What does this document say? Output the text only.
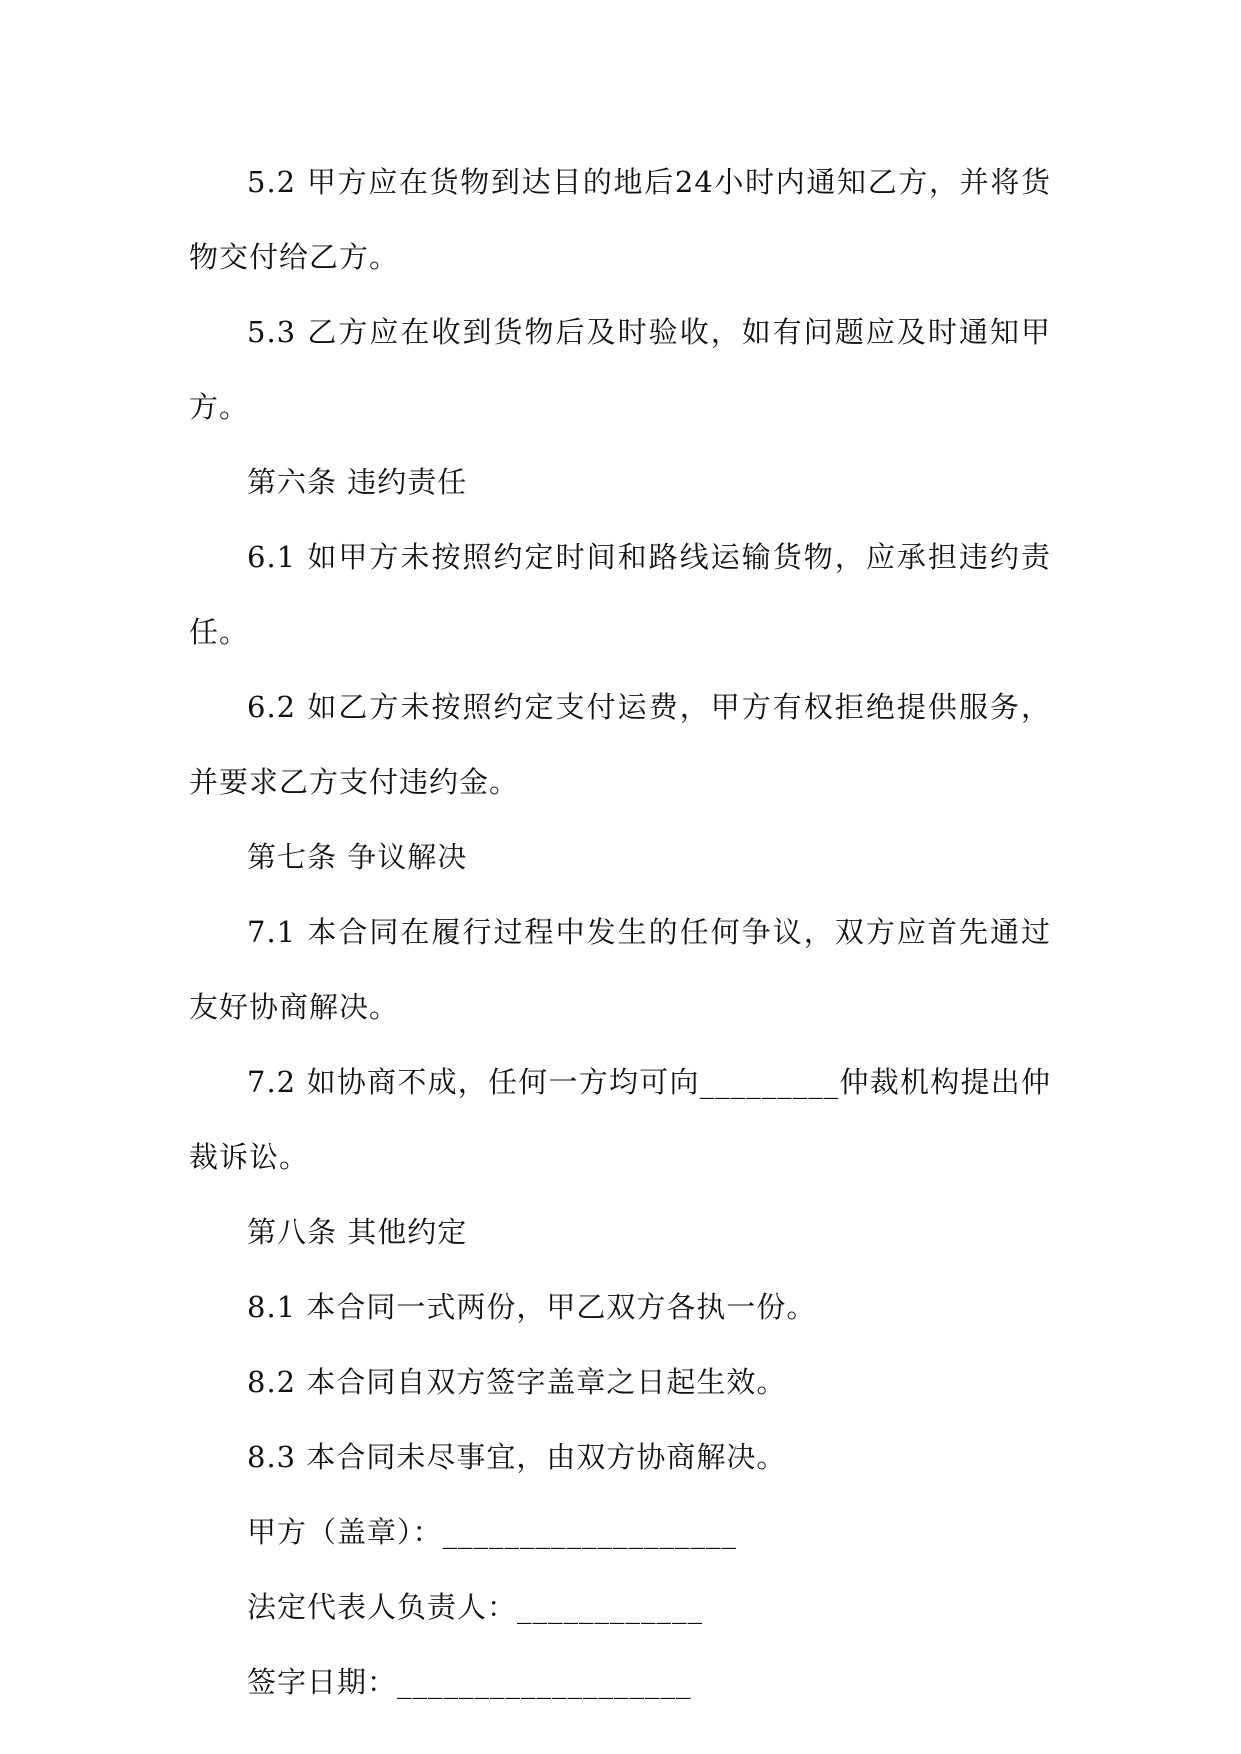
5.2 甲方应在货物到达目的地后24小时内通知乙方，并将货物交付给乙方。

5.3 乙方应在收到货物后及时验收，如有问题应及时通知甲方。

第六条 违约责任

6.1 如甲方未按照约定时间和路线运输货物，应承担违约责任。

6.2 如乙方未按照约定支付运费，甲方有权拒绝提供服务，并要求乙方支付违约金。

第七条 争议解决

7.1 本合同在履行过程中发生的任何争议，双方应首先通过友好协商解决。

7.2 如协商不成，任何一方均可向_________仲裁机构提出仲裁诉讼。

第八条 其他约定

8.1 本合同一式两份，甲乙双方各执一份。

8.2 本合同自双方签字盖章之日起生效。

8.3 本合同未尽事宜，由双方协商解决。

甲方（盖章）：___________________

法定代表人负责人：____________

签字日期：___________________
